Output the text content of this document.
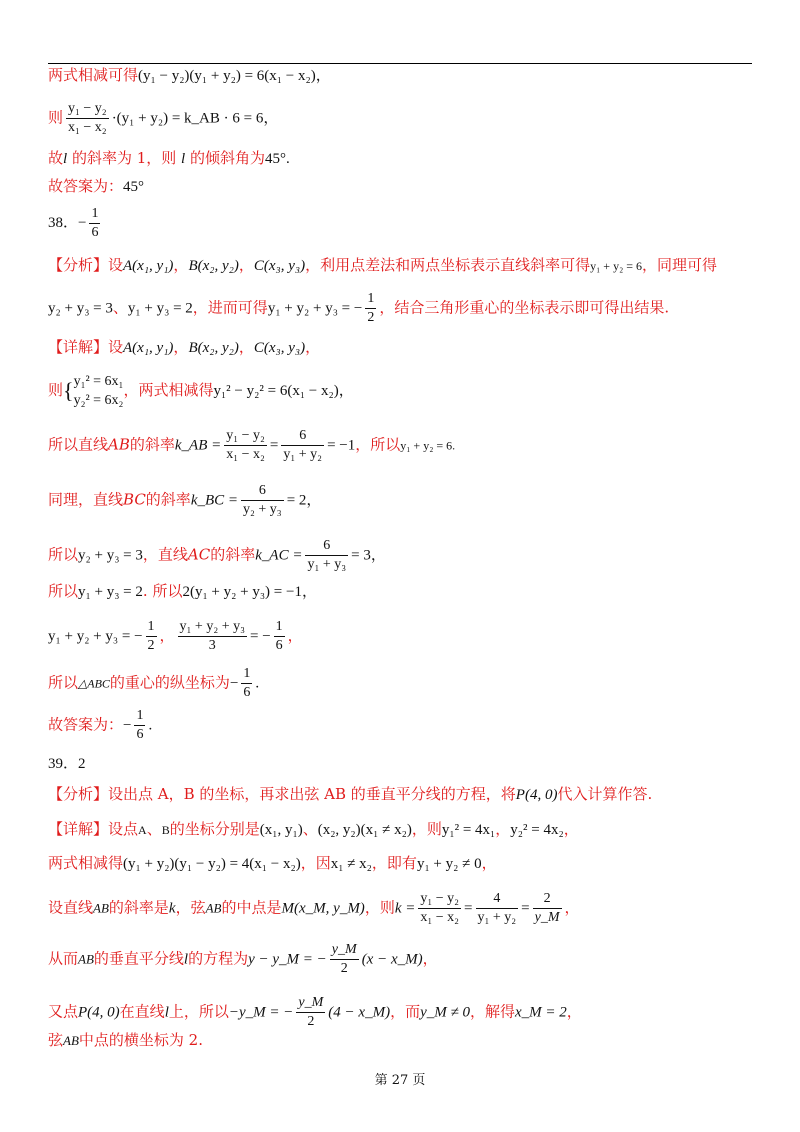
两式相减可得(y₁ − y₂)(y₁ + y₂) = 6(x₁ − x₂)，
则 $\frac{\text{y₁ − y₂}}{\text{x₁ − x₂}} \cdot(y_1 + y_2)$ = k_AB · 6 = 6，
故l 的斜率为 1，则 l 的倾斜角为45°.
故答案为：45°
38．− $\frac{1}{6}$
【分析】设A(x₁, y₁)，B(x₂, y₂)，C(x₃, y₃)，利用点差法和两点坐标表示直线斜率可得y₁ + y₂ = 6，同理可得
y₂ + y₃ = 3、y₁ + y₃ = 2，进而可得y₁ + y₂ + y₃ = − $\frac{1}{2}$ ，结合三角形重心的坐标表示即可得出结果.
【详解】设A(x₁, y₁)，B(x₂, y₂)，C(x₃, y₃)，
则{ y₁² = 6x₁
y₂² = 6x₂
，两式相减得y₁² − y₂² = 6(x₁ − x₂)，
所以直线AB的斜率k_AB = $\frac{\text{y₁ − y₂}}{\text{x₁ − x₂}} = \frac{6}{\text{y₁ + y₂}} = -1$，所以y₁ + y₂ = 6.
同理，直线BC的斜率k_BC = $\frac{6}{\text{y₂ + y₃}} = 2$，
所以y₂ + y₃ = 3，直线AC的斜率k_AC = $\frac{6}{\text{y₁ + y₃}} = 3$，
所以y₁ + y₃ = 2. 所以2(y₁ + y₂ + y₃) = −1，
y₁ + y₂ + y₃ = − $\frac{1}{2}$ ， $\frac{\text{y₁ + y₂ + y₃}}{3}$ = − $\frac{1}{6}$ ，
所以△ABC的重心的纵坐标为− $\frac{1}{6}$ .
故答案为：− $\frac{1}{6}$ .
39．2
【分析】设出点 A，B 的坐标，再求出弦 AB 的垂直平分线的方程，将P(4, 0)代入计算作答.
【详解】设点A、B的坐标分别是(x₁, y₁)、(x₂, y₂)(x₁ ≠ x₂)，则y₁² = 4x₁，y₂² = 4x₂，
两式相减得(y₁ + y₂)(y₁ − y₂) = 4(x₁ − x₂)，因x₁ ≠ x₂，即有y₁ + y₂ ≠ 0，
设直线AB的斜率是k，弦AB的中点是M(x_M, y_M)，则$k = \frac{\text{y₁ − y₂}}{\text{x₁ − x₂}} = \frac{4}{\text{y₁ + y₂}} = \frac{2}{y\_M}$ ，
从而AB的垂直平分线l的方程为y − y_M = − $\frac{y\_M}{2} (x$ − x_M)，
又点P(4, 0)在直线l上，所以−y_M = − $\frac{y\_M}{2} (4$ − x_M)，而y_M ≠ 0，解得x_M = 2，
弦AB中点的横坐标为 2.
第 27 页
